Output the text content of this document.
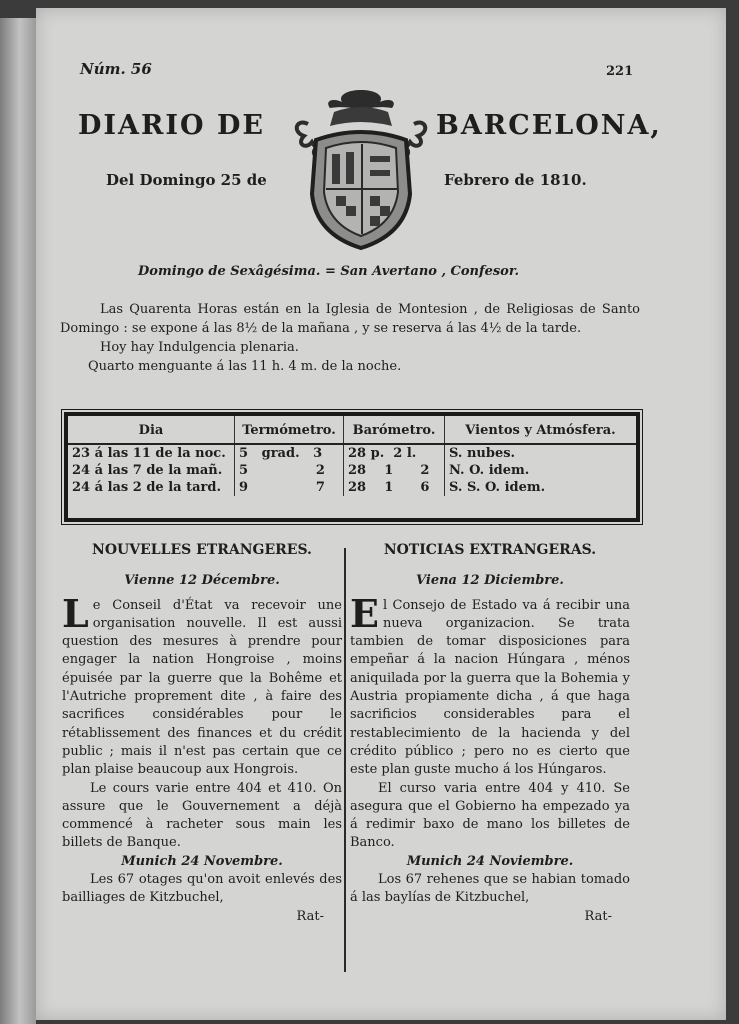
Núm. 56	221
DIARIO DE	BARCELONA,
Del Domingo 25 de	Febrero de 1810.
Domingo de Sexâgésima. = San Avertano , Confesor.

Las Quarenta Horas están en la Iglesia de Montesion , de Religiosas de Santo Domingo : se expone á las 8½ de la mañana , y se reserva á las 4½ de la tarde.

Hoy hay Indulgencia plenaria.

Quarto menguante á las 11 h. 4 m. de la noche.

Dia	Termómetro.	Barómetro.	Vientos y Atmósfera.
23 á las 11 de la noc.	5   grad.   3	28 p.  2 l.	S. nubes.
24 á las 7 de la mañ.	5               2	28    1      2	N. O. idem.
24 á las 2 de la tard.	9               7	28    1      6	S. S. O. idem.
NOUVELLES ETRANGERES.
Vienne 12 Décembre.

Le Conseil d'État va recevoir une organisation nouvelle. Il est aussi question des mesures à prendre pour engager la nation Hongroise , moins épuisée par la guerre que la Bohême et l'Autriche proprement dite , à faire des sacrifices considérables pour le rétablissement des finances et du crédit public ; mais il n'est pas certain que ce plan plaise beaucoup aux Hongrois.

Le cours varie entre 404 et 410. On assure que le Gouvernement a déjà commencé à racheter sous main les billets de Banque.

Munich 24 Novembre.

Les 67 otages qu'on avoit enlevés des bailliages de Kitzbuchel,

Rat-
NOTICIAS EXTRANGERAS.
Viena 12 Diciembre.

El Consejo de Estado va á recibir una nueva organizacion. Se trata tambien de tomar disposiciones para empeñar á la nacion Húngara , ménos aniquilada por la guerra que la Bohemia y Austria propiamente dicha , á que haga sacrificios considerables para el restablecimiento de la hacienda y del crédito público ; pero no es cierto que este plan guste mucho á los Húngaros.

El curso varia entre 404 y 410. Se asegura que el Gobierno ha empezado ya á redimir baxo de mano los billetes de Banco.

Munich 24 Noviembre.

Los 67 rehenes que se habian tomado á las baylías de Kitzbuchel,

Rat-
